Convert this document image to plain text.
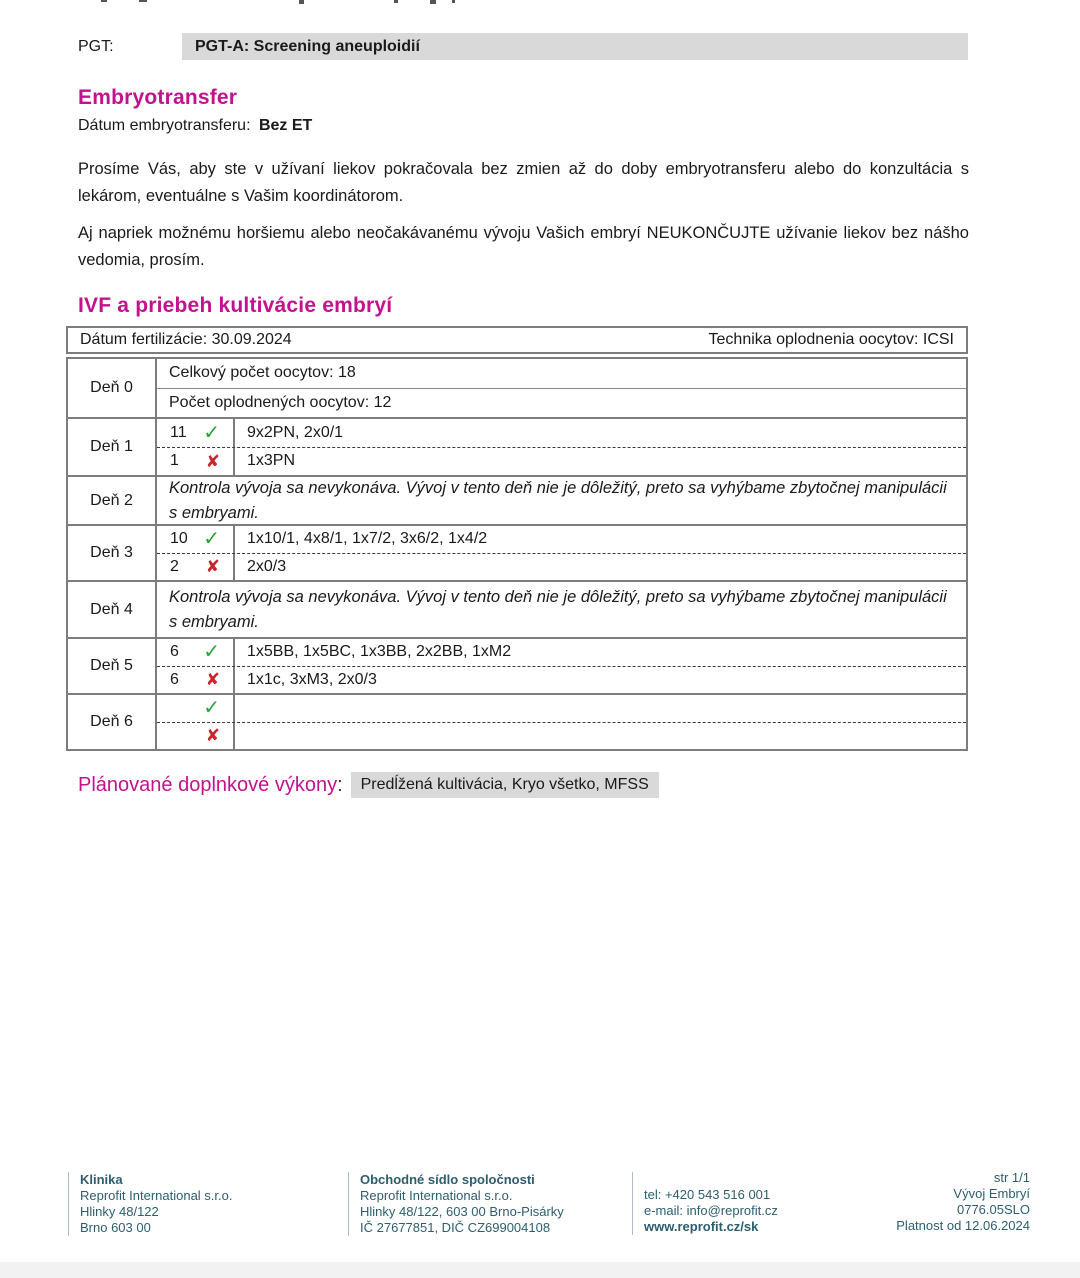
PGT:	PGT-A: Screening aneuploidií
Embryotransfer

Dátum embryotransferu: Bez ET

Prosíme Vás, aby ste v užívaní liekov pokračovala bez zmien až do doby embryotransferu alebo do konzultácia s lekárom, eventuálne s Vašim koordinátorom.

Aj napriek možnému horšiemu alebo neočakávanému vývoju Vašich embryí NEUKONČUJTE užívanie liekov bez nášho vedomia, prosím.

IVF a priebeh kultivácie embryí
Dátum fertilizácie: 30.09.2024	Technika oplodnenia oocytov: ICSI
Deň 0
Celkový počet oocytov: 18
Počet oplodnených oocytov: 12
Deň 1
11 ✓	9x2PN, 2x0/1
1 ✘	1x3PN
Deň 2
Kontrola vývoja sa nevykonáva. Vývoj v tento deň nie je dôležitý, preto sa vyhýbame zbytočnej manipulácii s embryami.
Deň 3
10 ✓	1x10/1, 4x8/1, 1x7/2, 3x6/2, 1x4/2
2 ✘	2x0/3
Deň 4
Kontrola vývoja sa nevykonáva. Vývoj v tento deň nie je dôležitý, preto sa vyhýbame zbytočnej manipulácii s embryami.
Deň 5
6 ✓	1x5BB, 1x5BC, 1x3BB, 2x2BB, 1xM2
6 ✘	1x1c, 3xM3, 2x0/3
Deň 6
✓
✘
Plánované doplnkové výkony :	Predĺžená kultivácia, Kryo všetko, MFSS
Klinika
Reprofit International s.r.o.
Hlinky 48/122
Brno 603 00
Obchodné sídlo spoločnosti
Reprofit International s.r.o.
Hlinky 48/122, 603 00 Brno-Pisárky
IČ 27677851, DIČ CZ699004108
tel: +420 543 516 001
e-mail: info@reprofit.cz
www.reprofit.cz/sk
str 1/1
Vývoj Embryí
0776.05SLO
Platnost od 12.06.2024
